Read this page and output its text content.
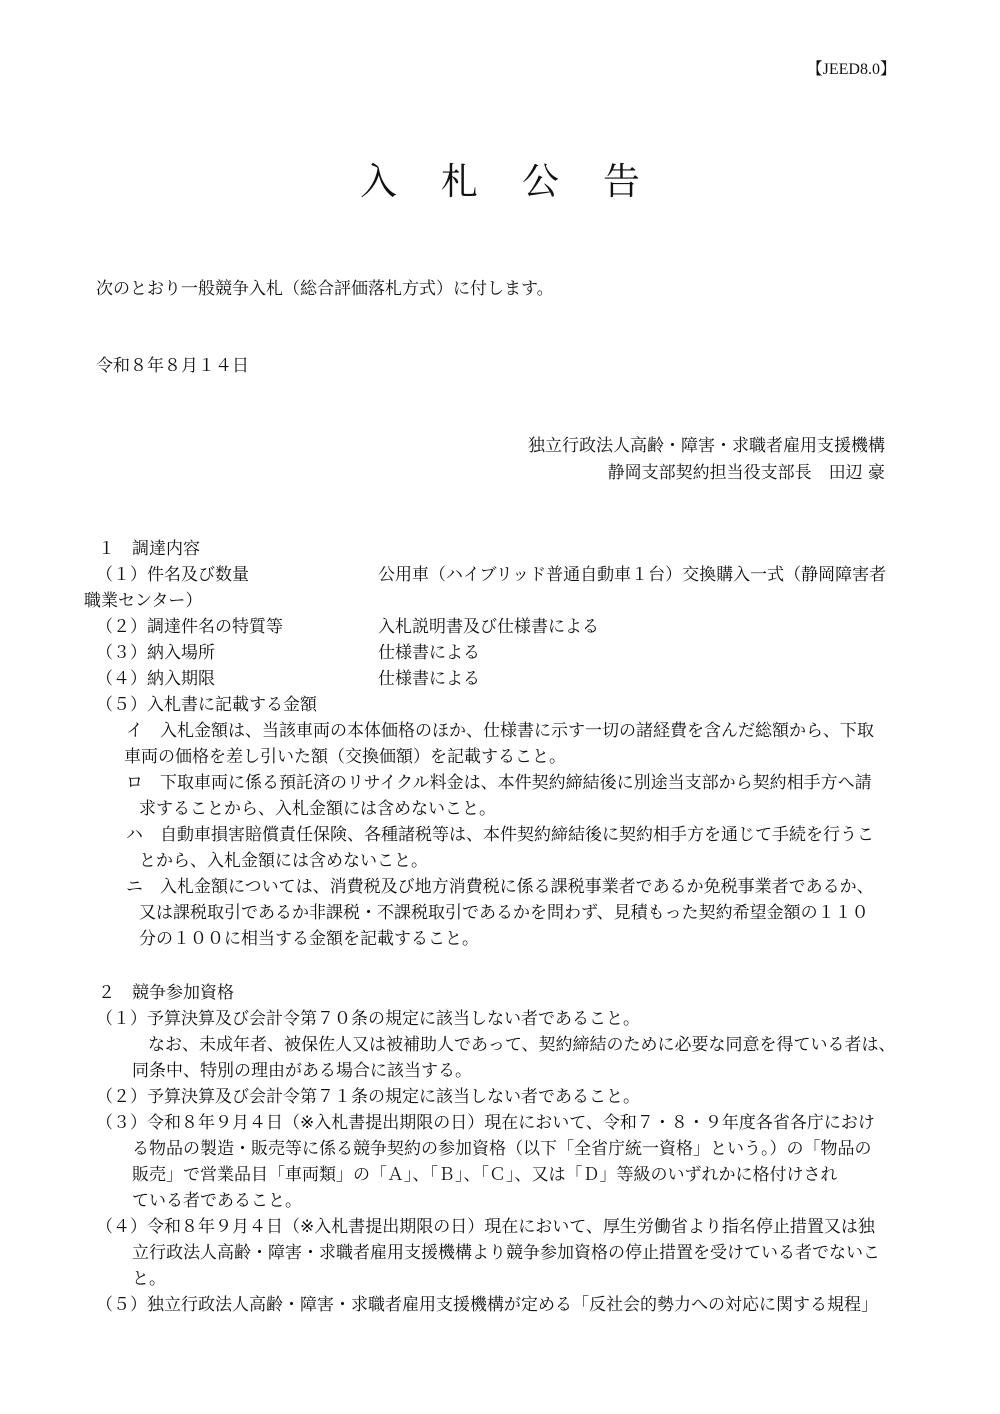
【JEED8.0】
入札公告
次のとおり一般競争入札（総合評価落札方式）に付します。
令和８年８月１４日
独立行政法人高齢・障害・求職者雇用支援機構
静岡支部契約担当役支部長　田辺 豪
１　調達内容
（１）件名及び数量	公用車（ハイブリッド普通自動車１台）交換購入一式（静岡障害者
職業センター）
（２）調達件名の特質等	入札説明書及び仕様書による
（３）納入場所	仕様書による
（４）納入期限	仕様書による
（５）入札書に記載する金額
イ　入札金額は、当該車両の本体価格のほか、仕様書に示す一切の諸経費を含んだ総額から、下取
車両の価格を差し引いた額（交換価額）を記載すること。
ロ　下取車両に係る預託済のリサイクル料金は、本件契約締結後に別途当支部から契約相手方へ請
求することから、入札金額には含めないこと。
ハ　自動車損害賠償責任保険、各種諸税等は、本件契約締結後に契約相手方を通じて手続を行うこ
とから、入札金額には含めないこと。
ニ　入札金額については、消費税及び地方消費税に係る課税事業者であるか免税事業者であるか、
又は課税取引であるか非課税・不課税取引であるかを問わず、見積もった契約希望金額の１１０
分の１００に相当する金額を記載すること。
２　競争参加資格
（１）予算決算及び会計令第７０条の規定に該当しない者であること。
なお、未成年者、被保佐人又は被補助人であって、契約締結のために必要な同意を得ている者は、
同条中、特別の理由がある場合に該当する。
（２）予算決算及び会計令第７１条の規定に該当しない者であること。
（３）令和８年９月４日（※入札書提出期限の日）現在において、令和７・８・９年度各省各庁におけ
る物品の製造・販売等に係る競争契約の参加資格（以下「全省庁統一資格」という。）の「物品の
販売」で営業品目「車両類」の「Ａ」、「Ｂ」、「Ｃ」、又は「Ｄ」等級のいずれかに格付けされ
ている者であること。
（４）令和８年９月４日（※入札書提出期限の日）現在において、厚生労働省より指名停止措置又は独
立行政法人高齢・障害・求職者雇用支援機構より競争参加資格の停止措置を受けている者でないこ
と。
（５）独立行政法人高齢・障害・求職者雇用支援機構が定める「反社会的勢力への対応に関する規程」
